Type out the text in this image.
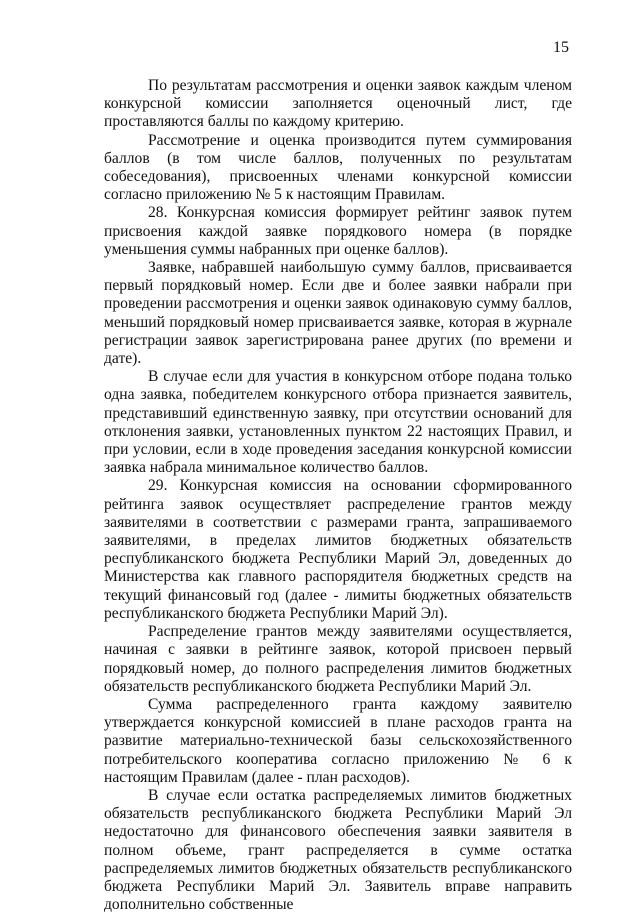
15

По результатам рассмотрения и оценки заявок каждым членом конкурсной комиссии заполняется оценочный лист, где проставляются баллы по каждому критерию.

Рассмотрение и оценка производится путем суммирования баллов (в том числе баллов, полученных по результатам собеседования), присвоенных членами конкурсной комиссии согласно приложению № 5 к настоящим Правилам.

28. Конкурсная комиссия формирует рейтинг заявок путем присвоения каждой заявке порядкового номера (в порядке уменьшения суммы набранных при оценке баллов).

Заявке, набравшей наибольшую сумму баллов, присваивается первый порядковый номер. Если две и более заявки набрали при проведении рассмотрения и оценки заявок одинаковую сумму баллов, меньший порядковый номер присваивается заявке, которая в журнале регистрации заявок зарегистрирована ранее других (по времени и дате).

В случае если для участия в конкурсном отборе подана только одна заявка, победителем конкурсного отбора признается заявитель, представивший единственную заявку, при отсутствии оснований для отклонения заявки, установленных пунктом 22 настоящих Правил, и при условии, если в ходе проведения заседания конкурсной комиссии заявка набрала минимальное количество баллов.

29. Конкурсная комиссия на основании сформированного рейтинга заявок осуществляет распределение грантов между заявителями в соответствии с размерами гранта, запрашиваемого заявителями, в пределах лимитов бюджетных обязательств республиканского бюджета Республики Марий Эл, доведенных до Министерства как главного распорядителя бюджетных средств на текущий финансовый год (далее - лимиты бюджетных обязательств республиканского бюджета Республики Марий Эл).

Распределение грантов между заявителями осуществляется, начиная с заявки в рейтинге заявок, которой присвоен первый порядковый номер, до полного распределения лимитов бюджетных обязательств республиканского бюджета Республики Марий Эл.

Сумма распределенного гранта каждому заявителю утверждается конкурсной комиссией в плане расходов гранта на развитие материально-технической базы сельскохозяйственного потребительского кооператива согласно приложению № 6 к настоящим Правилам (далее - план расходов).

В случае если остатка распределяемых лимитов бюджетных обязательств республиканского бюджета Республики Марий Эл недостаточно для финансового обеспечения заявки заявителя в полном объеме, грант распределяется в сумме остатка распределяемых лимитов бюджетных обязательств республиканского бюджета Республики Марий Эл. Заявитель вправе направить дополнительно собственные
